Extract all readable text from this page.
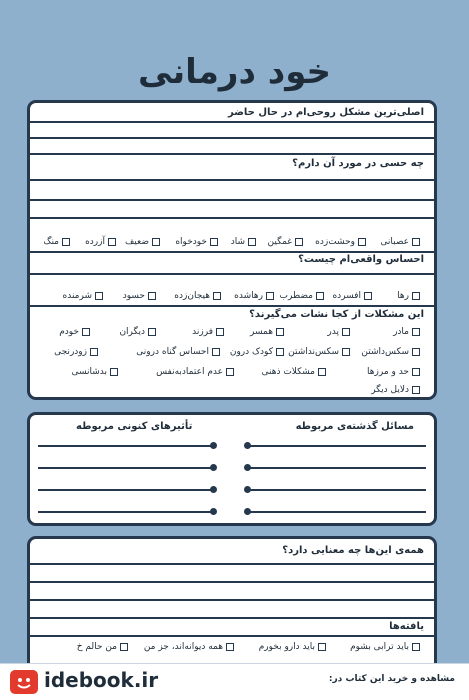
خود درمانی
اصلی‌ترین مشکل روحی‌ام در حال حاضر
چه حسی در مورد آن دارم؟
عصبانی
وحشت‌زده
غمگین
شاد
خودخواه
ضعیف
آزرده
منگ
احساس واقعی‌ام چیست؟
رها
افسرده
مضطرب
رهاشده
هیجان‌زده
حسود
شرمنده
این مشکلات از کجا نشات می‌گیرند؟
مادر
پدر
همسر
فرزند
دیگران
خودم
سکس‌داشتن
سکس‌نداشتن
کودک درون
احساس گناه درونی
زودرنجی
حد و مرزها
مشکلات ذهنی
عدم اعتمادبه‌نفس
بدشانسی
دلایل دیگر
مسائل گذشته‌ی مربوطه
تأثیرهای کنونی مربوطه
همه‌ی این‌ها چه معنایی دارد؟
یافته‌ها
باید ترابی بشوم
باید دارو بخورم
همه دیوانه‌اند، جز من
من حالم خ
idebook.ir	مشاهده و خرید این کتاب در:
